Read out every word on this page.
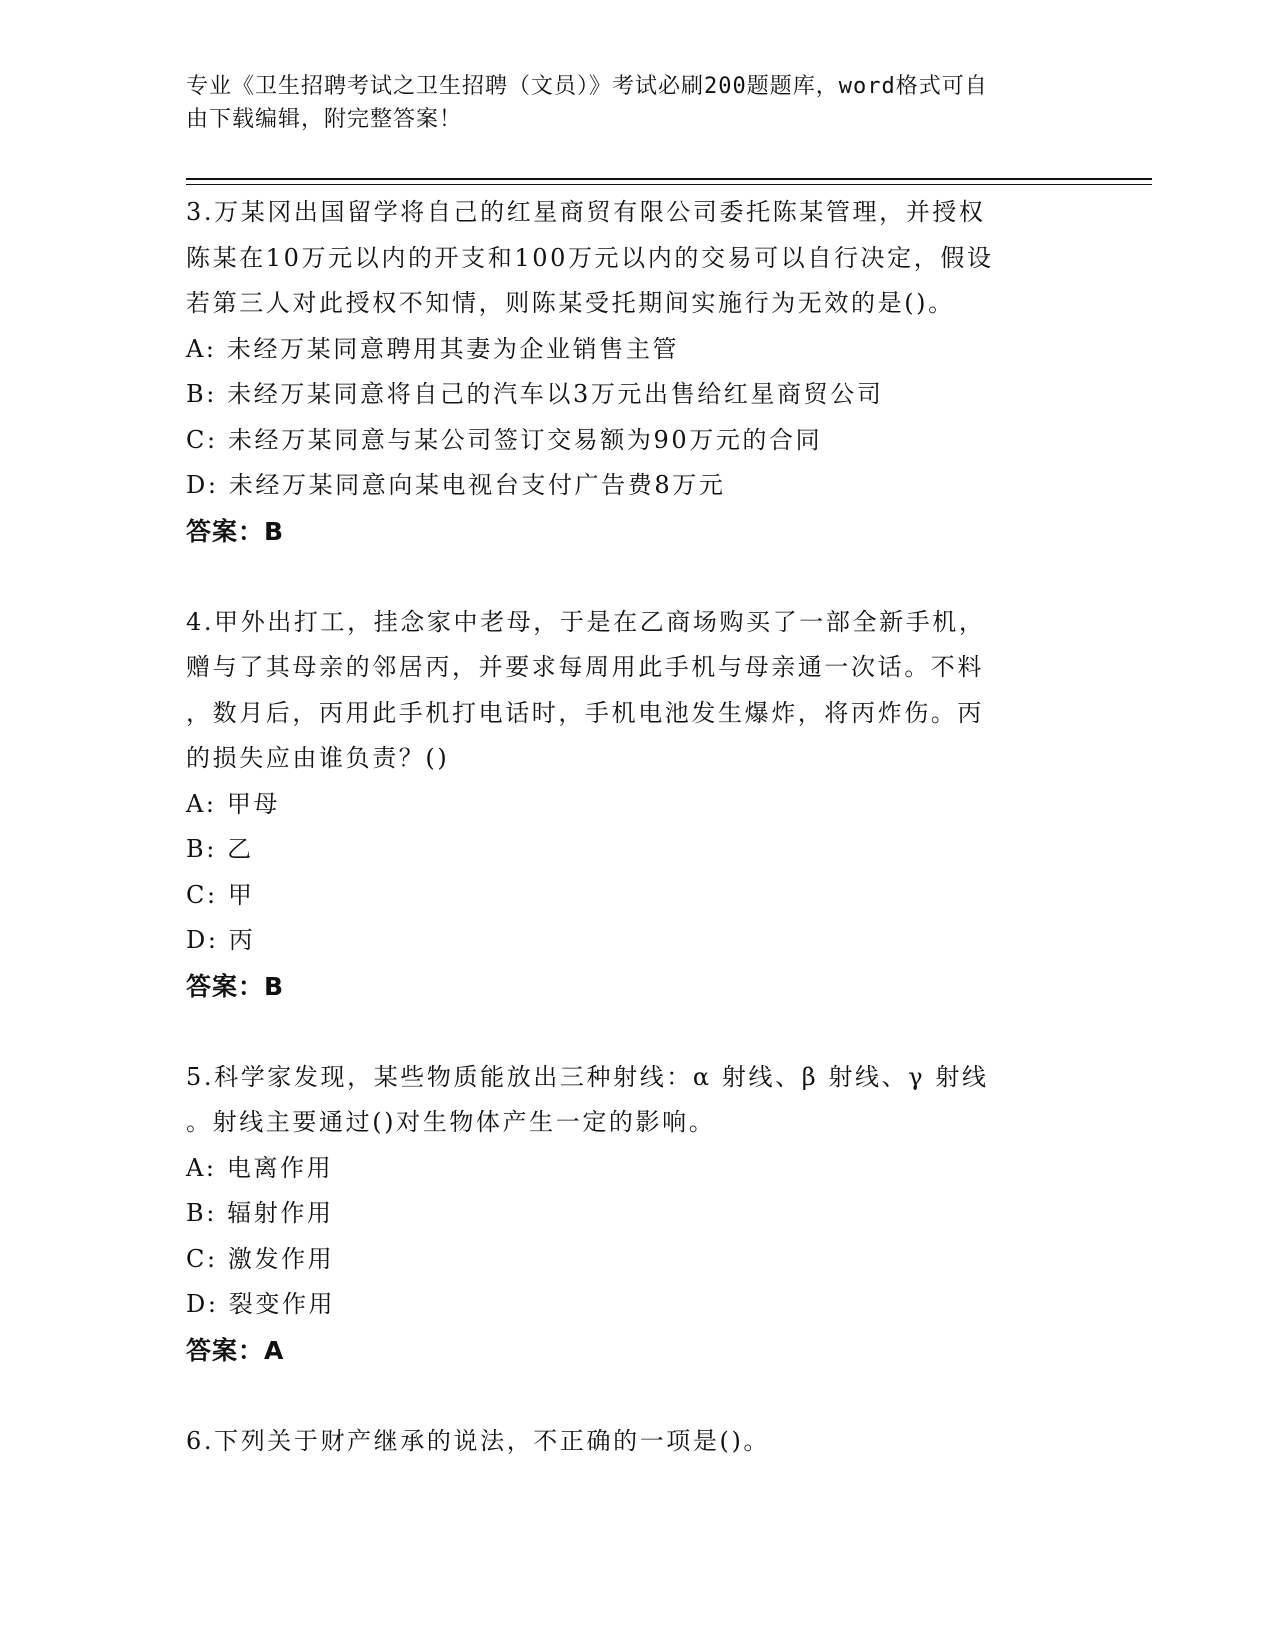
专业《卫生招聘考试之卫生招聘（文员）》考试必刷200题题库，word格式可自
由下载编辑，附完整答案！
3.万某冈出国留学将自己的红星商贸有限公司委托陈某管理，并授权
陈某在10万元以内的开支和100万元以内的交易可以自行决定，假设
若第三人对此授权不知情，则陈某受托期间实施行为无效的是()。
A: 未经万某同意聘用其妻为企业销售主管
B: 未经万某同意将自己的汽车以3万元出售给红星商贸公司
C: 未经万某同意与某公司签订交易额为90万元的合同
D: 未经万某同意向某电视台支付广告费8万元
答案：B
4.甲外出打工，挂念家中老母，于是在乙商场购买了一部全新手机，
赠与了其母亲的邻居丙，并要求每周用此手机与母亲通一次话。不料
，数月后，丙用此手机打电话时，手机电池发生爆炸，将丙炸伤。丙
的损失应由谁负责？()
A: 甲母
B: 乙
C: 甲
D: 丙
答案：B
5.科学家发现，某些物质能放出三种射线：α 射线、β 射线、γ 射线
。射线主要通过()对生物体产生一定的影响。
A: 电离作用
B: 辐射作用
C: 激发作用
D: 裂变作用
答案：A
6.下列关于财产继承的说法，不正确的一项是()。
